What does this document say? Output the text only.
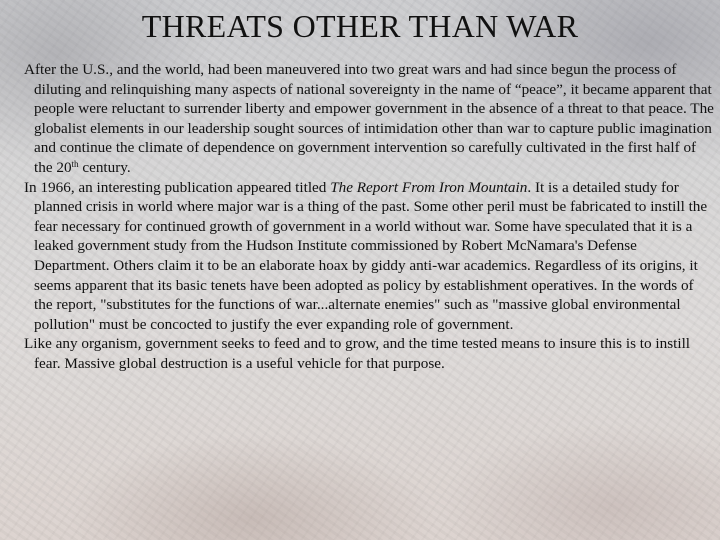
THREATS OTHER THAN WAR

After the U.S., and the world, had been maneuvered into two great wars and had since begun the process of diluting and relinquishing many aspects of national sovereignty in the name of “peace”, it became apparent that people were reluctant to surrender liberty and empower government in the absence of a threat to that peace. The globalist elements in our leadership sought sources of intimidation other than war to capture public imagination and continue the climate of dependence on government intervention so carefully cultivated in the first half of the 20th century.

In 1966, an interesting publication appeared titled The Report From Iron Mountain. It is a detailed study for planned crisis in world where major war is a thing of the past. Some other peril must be fabricated to instill the fear necessary for continued growth of government in a world without war. Some have speculated that it is a leaked government study from the Hudson Institute commissioned by Robert McNamara's Defense Department. Others claim it to be an elaborate hoax by giddy anti-war academics. Regardless of its origins, it seems apparent that its basic tenets have been adopted as policy by establishment operatives. In the words of the report, "substitutes for the functions of war...alternate enemies" such as "massive global environmental pollution" must be concocted to justify the ever expanding role of government.

Like any organism, government seeks to feed and to grow, and the time tested means to insure this is to instill fear. Massive global destruction is a useful vehicle for that purpose.
